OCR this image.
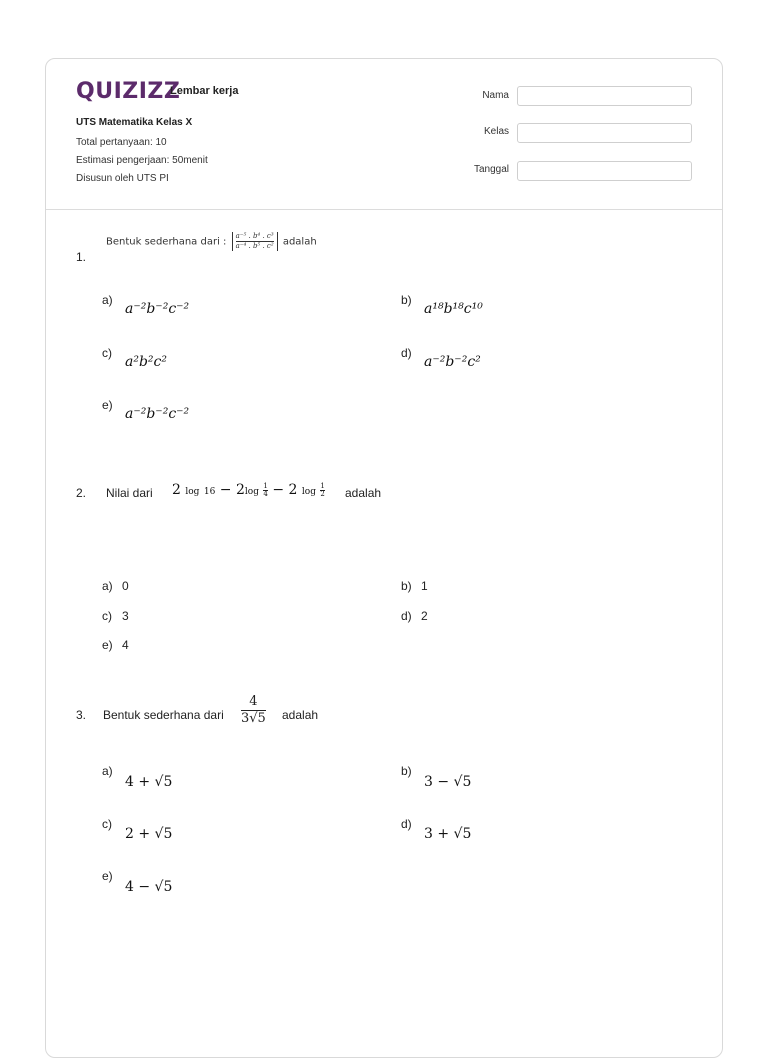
QUIZIZZ
Lembar kerja
UTS Matematika Kelas X
Total pertanyaan: 10
Estimasi pengerjaan: 50menit
Disusun oleh UTS PI
Nama
Kelas
Tanggal
1.
Bentuk sederhana dari : $\frac{\text{a⁻⁵ . b⁴ . c³}}{\text{a⁻⁴ . b⁵ . c²}}$ adalah
a)
a⁻²b⁻²c⁻²
b)
a¹⁸b¹⁸c¹⁰
c)
a²b²c²
d)
a⁻²b⁻²c²
e)
a⁻²b⁻²c⁻²
2. Nilai dari 2 $\log 16 - 2\log \frac{1}{4} - 2$ $\log \frac{1}{2}$ adalah
a) 0	b) 1
c) 3	d) 2
e) 4
3. Bentuk sederhana dari $\frac{4}{3√5}$ adalah
a)
4 + √5
b)
3 − √5
c)
2 + √5
d)
3 + √5
e)
4 − √5
